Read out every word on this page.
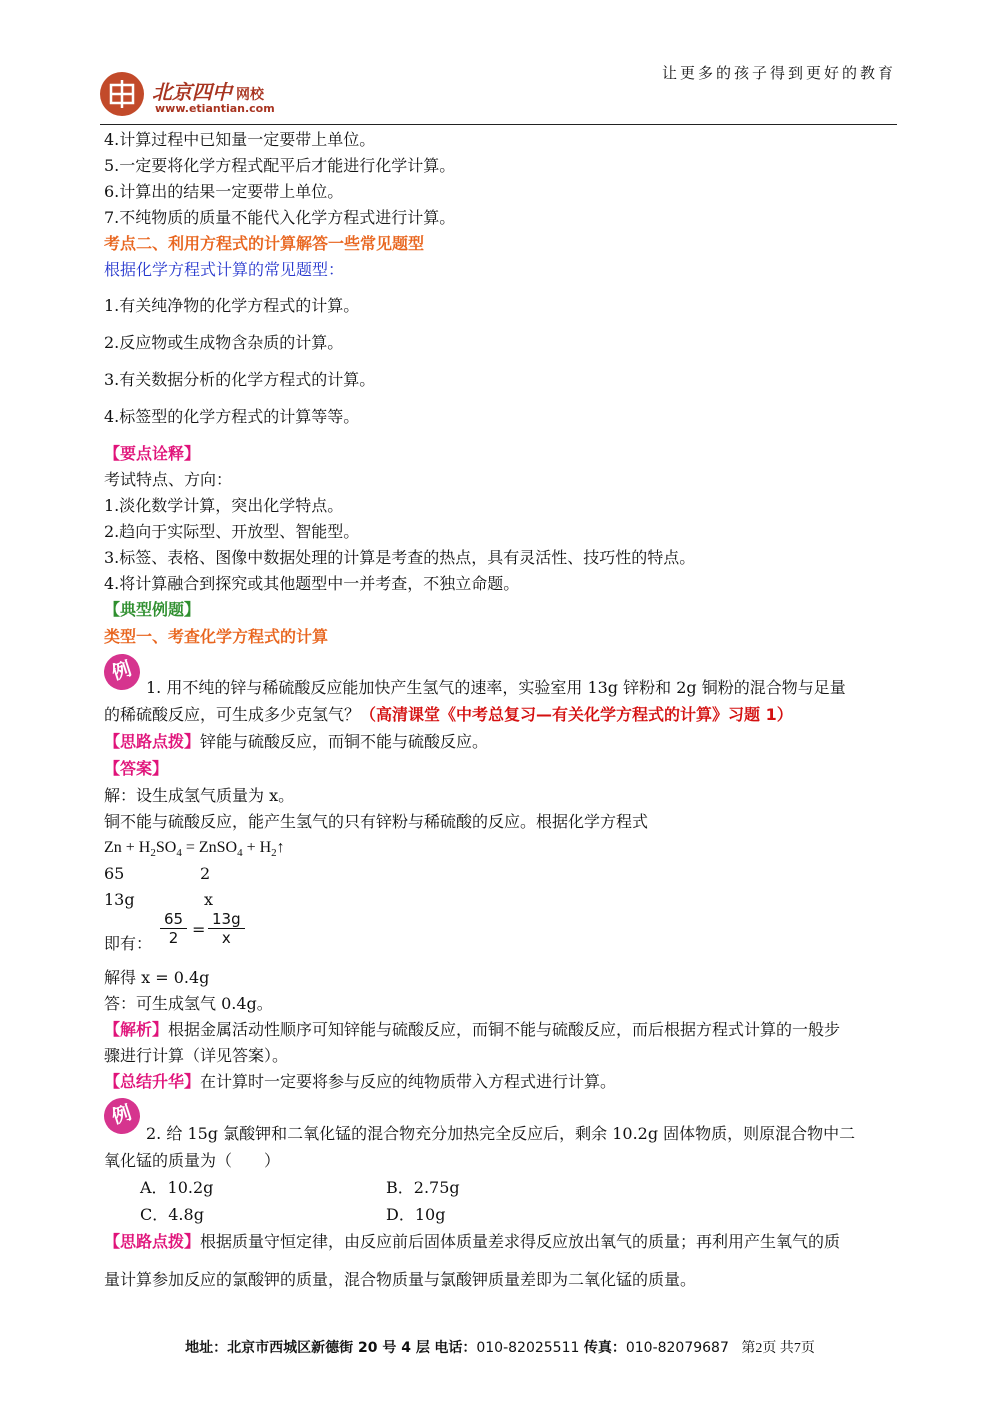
让更多的孩子得到更好的教育
北京四中 网校
www.etiantian.com
4.计算过程中已知量一定要带上单位。
5.一定要将化学方程式配平后才能进行化学计算。
6.计算出的结果一定要带上单位。
7.不纯物质的质量不能代入化学方程式进行计算。
考点二、利用方程式的计算解答一些常见题型
根据化学方程式计算的常见题型：
1.有关纯净物的化学方程式的计算。
2.反应物或生成物含杂质的计算。
3.有关数据分析的化学方程式的计算。
4.标签型的化学方程式的计算等等。
【要点诠释】
考试特点、方向：
1.淡化数学计算，突出化学特点。
2.趋向于实际型、开放型、智能型。
3.标签、表格、图像中数据处理的计算是考查的热点，具有灵活性、技巧性的特点。
4.将计算融合到探究或其他题型中一并考查，不独立命题。
【典型例题】
类型一、考查化学方程式的计算
例
1. 用不纯的锌与稀硫酸反应能加快产生氢气的速率，实验室用 13g 锌粉和 2g 铜粉的混合物与足量
的稀硫酸反应，可生成多少克氢气？（高清课堂《中考总复习—有关化学方程式的计算》习题 1）
【思路点拨】锌能与硫酸反应，而铜不能与硫酸反应。
【答案】
解：设生成氢气质量为 x。
铜不能与硫酸反应，能产生氢气的只有锌粉与稀硫酸的反应。根据化学方程式
$Zn + H_2SO_4$ = ZnSO$_4$ + $H_2↑$
65	2
13g	x
即有： $\frac{65}{2} = \frac{13g}{x}$
解得 x = 0.4g
答：可生成氢气 0.4g。
【解析】根据金属活动性顺序可知锌能与硫酸反应，而铜不能与硫酸反应，而后根据方程式计算的一般步
骤进行计算（详见答案）。
【总结升华】在计算时一定要将参与反应的纯物质带入方程式进行计算。
例
2. 给 15g 氯酸钾和二氧化锰的混合物充分加热完全反应后，剩余 10.2g 固体物质，则原混合物中二
氧化锰的质量为（　　）
A．10.2g	B．2.75g
C．4.8g	D．10g
【思路点拨】根据质量守恒定律，由反应前后固体质量差求得反应放出氧气的质量；再利用产生氧气的质
量计算参加反应的氯酸钾的质量，混合物质量与氯酸钾质量差即为二氧化锰的质量。
地址：北京市西城区新德街 20 号 4 层 电话：010-82025511 传真：010-82079687 第2页 共7页
